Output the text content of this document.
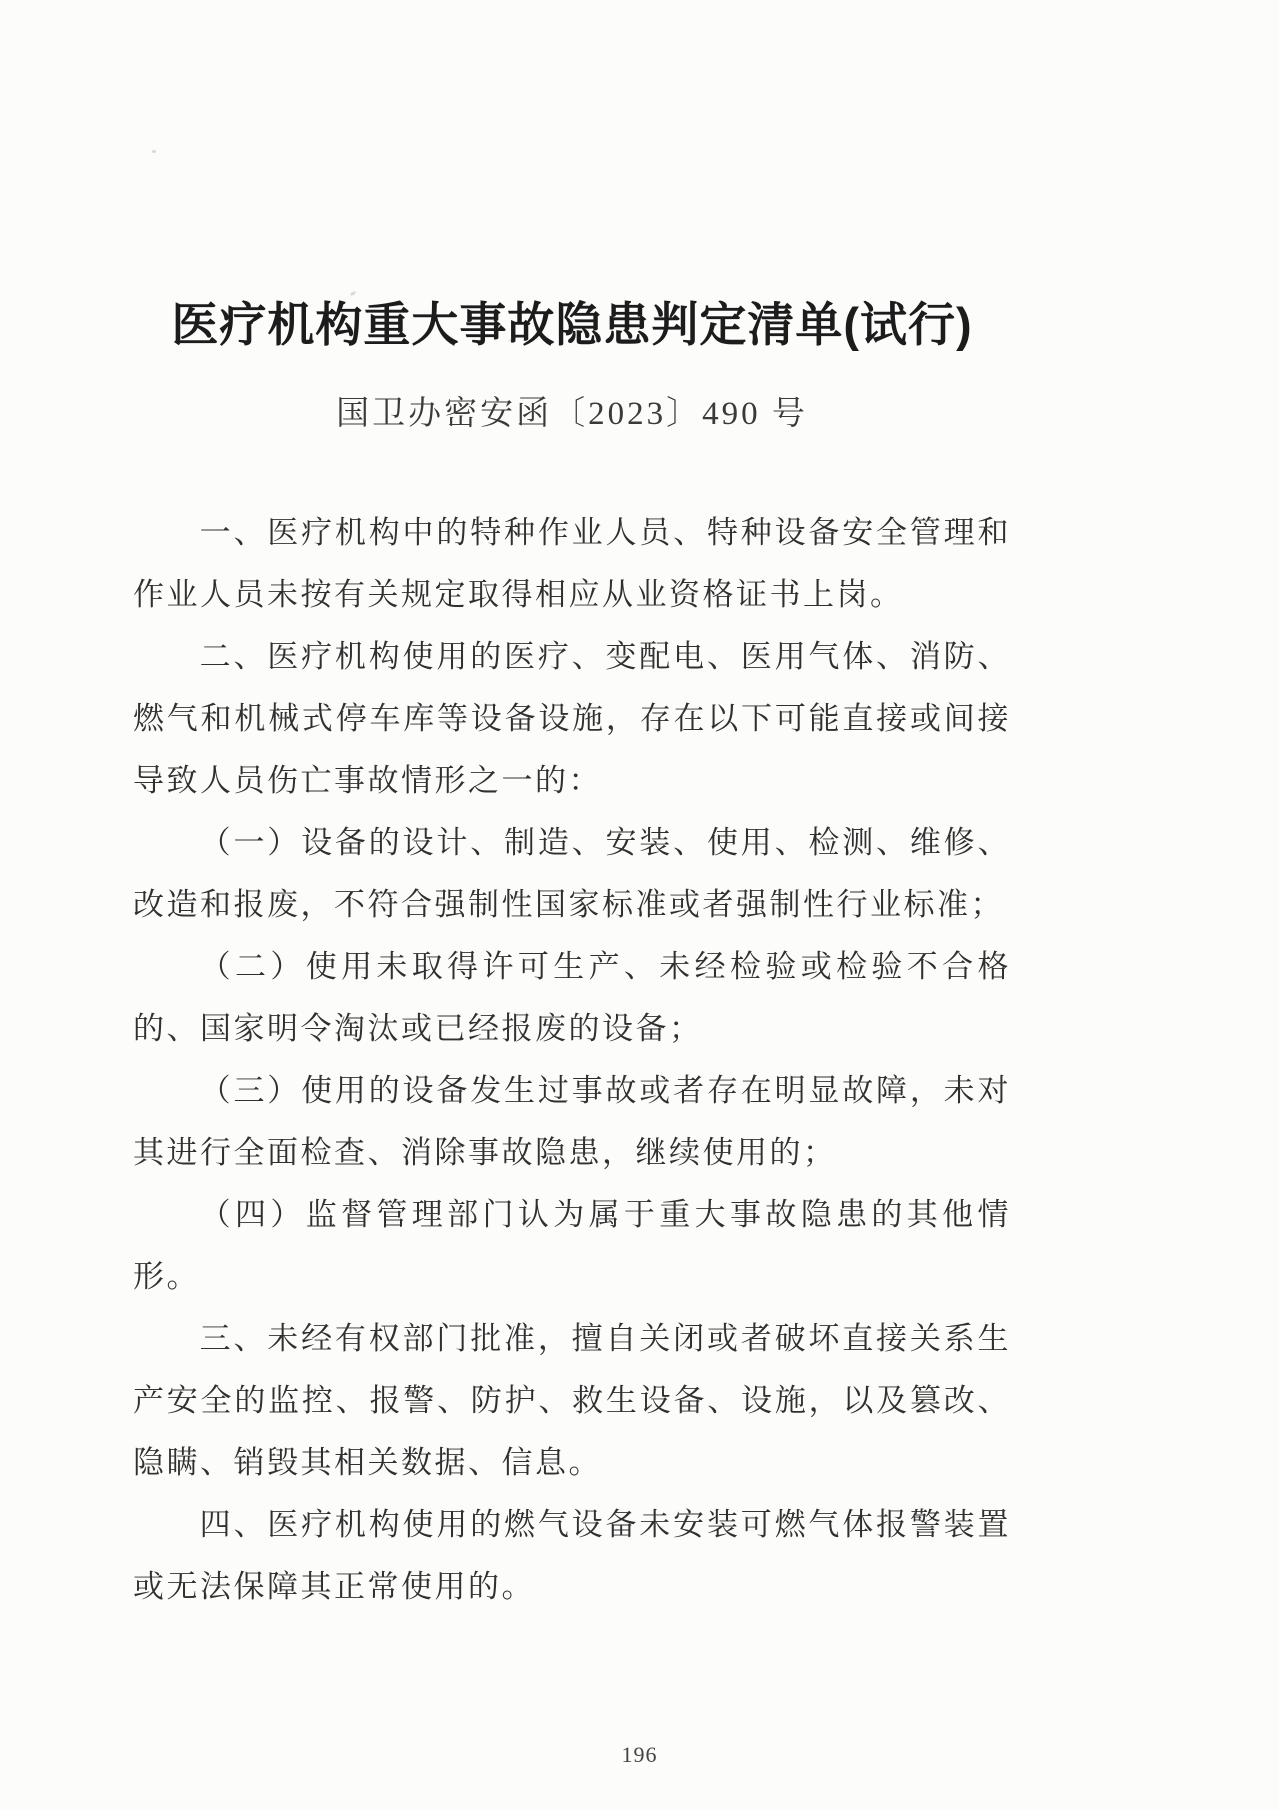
医疗机构重大事故隐患判定清单(试行)
国卫办密安函〔2023〕490 号

一、医疗机构中的特种作业人员、特种设备安全管理和作业人员未按有关规定取得相应从业资格证书上岗。

二、医疗机构使用的医疗、变配电、医用气体、消防、燃气和机械式停车库等设备设施，存在以下可能直接或间接导致人员伤亡事故情形之一的：

（一）设备的设计、制造、安装、使用、检测、维修、改造和报废，不符合强制性国家标准或者强制性行业标准；

（二）使用未取得许可生产、未经检验或检验不合格的、国家明令淘汰或已经报废的设备；

（三）使用的设备发生过事故或者存在明显故障，未对其进行全面检查、消除事故隐患，继续使用的；

（四）监督管理部门认为属于重大事故隐患的其他情形。

三、未经有权部门批准，擅自关闭或者破坏直接关系生产安全的监控、报警、防护、救生设备、设施，以及篡改、隐瞒、销毁其相关数据、信息。

四、医疗机构使用的燃气设备未安装可燃气体报警装置或无法保障其正常使用的。

196
